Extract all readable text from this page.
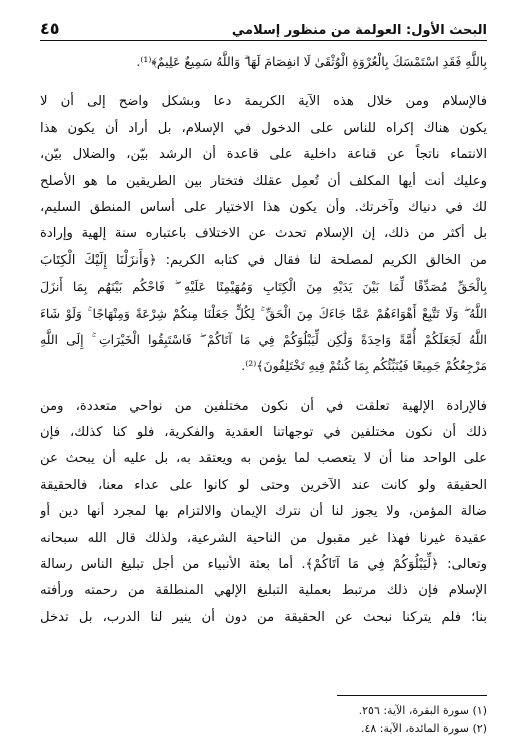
البحث الأول: العولمة من منظور إسلامي
٤٥
بِاللَّهِ فَقَدِ اسْتَمْسَكَ بِالْعُرْوَةِ الْوُثْقَىٰ لَا انفِصَامَ لَهَا ۗ وَاللَّهُ سَمِيعٌ عَلِيمٌ﴾⁽¹⁾.
فالإسلام ومن خلال هذه الآية الكريمة دعا وبشكل واضح إلى أن لا
يكون هناك إكراه للناس على الدخول في الإسلام، بل أراد أن يكون هذا
الانتماء ناتجاً عن قناعة داخلية على قاعدة أن الرشد بيّن، والضلال بيّن،
وعليك أنت أيها المكلف أن تُعمِل عقلك فتختار بين الطريقين ما هو الأصلح
لك في دنياك وآخرتك. وأن يكون هذا الاختيار على أساس المنطق السليم،
بل أكثر من ذلك، إن الإسلام تحدث عن الاختلاف باعتباره سنة إلهية وإرادة
من الخالق الكريم لمصلحة لنا فقال في كتابه الكريم: ﴿وَأَنزَلْنَا إِلَيْكَ الْكِتَابَ
بِالْحَقِّ مُصَدِّقًا لِّمَا بَيْنَ يَدَيْهِ مِنَ الْكِتَابِ وَمُهَيْمِنًا عَلَيْهِ ۖ فَاحْكُم بَيْنَهُم بِمَا أَنزَلَ
اللَّهُ ۖ وَلَا تَتَّبِعْ أَهْوَاءَهُمْ عَمَّا جَاءَكَ مِنَ الْحَقِّ ۚ لِكُلٍّ جَعَلْنَا مِنكُمْ شِرْعَةً وَمِنْهَاجًا ۚ وَلَوْ شَاءَ
اللَّهُ لَجَعَلَكُمْ أُمَّةً وَاحِدَةً وَلَٰكِن لِّيَبْلُوَكُمْ فِي مَا آتَاكُمْ ۖ فَاسْتَبِقُوا الْخَيْرَاتِ ۚ إِلَى اللَّهِ
مَرْجِعُكُمْ جَمِيعًا فَيُنَبِّئُكُم بِمَا كُنتُمْ فِيهِ تَخْتَلِفُونَ﴾⁽²⁾.
فالإرادة الإلهية تعلقت في أن نكون مختلفين من نواحي متعددة، ومن
ذلك أن نكون مختلفين في توجهاتنا العقدية والفكرية، فلو كنا كذلك، فإن
على الواحد منا أن لا يتعصب لما يؤمن به ويعتقد به، بل عليه أن يبحث عن
الحقيقة ولو كانت عند الآخرين وحتى لو كانوا على عداء معنا، فالحقيقة
ضالة المؤمن، ولا يجوز لنا أن نترك الإيمان والالتزام بها لمجرد أنها دين أو
عقيدة غيرنا فهذا غير مقبول من الناحية الشرعية، ولذلك قال الله سبحانه
وتعالى: ﴿لِّيَبْلُوَكُمْ فِي مَا آتَاكُمْ﴾. أما بعثة الأنبياء من أجل تبليغ الناس رسالة
الإسلام فإن ذلك مرتبط بعملية التبليغ الإلهي المنطلقة من رحمته ورأفته
بنا؛ فلم يتركنا نبحث عن الحقيقة من دون أن ينير لنا الدرب، بل تدخل
(١) سورة البقرة، الآية: ٢٥٦.
(٢) سورة المائدة، الآية: ٤٨.
